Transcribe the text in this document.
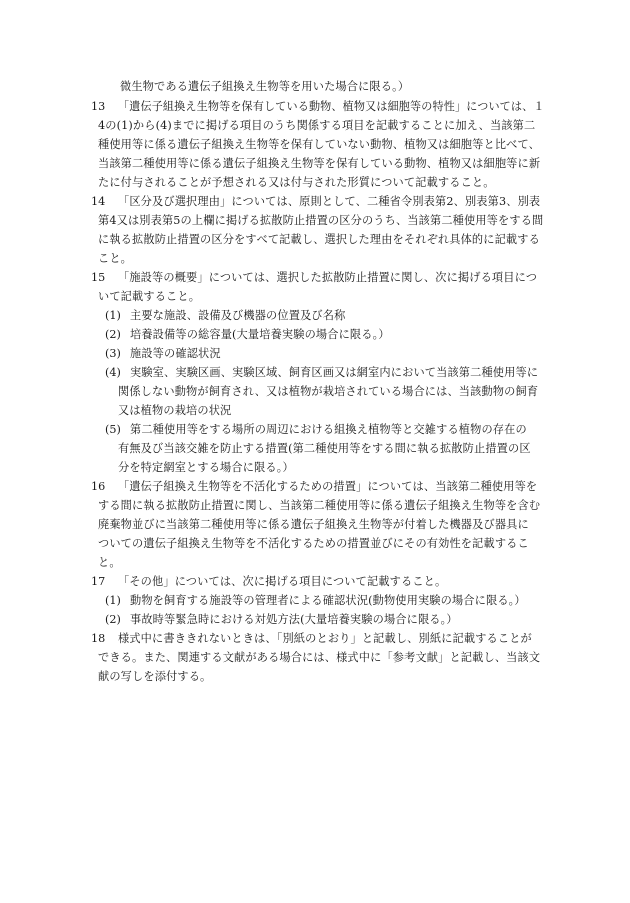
微生物である遺伝子組換え生物等を用いた場合に限る。）
13 「遺伝子組換え生物等を保有している動物、植物又は細胞等の特性」については、１
4の(1)から(4)までに掲げる項目のうち関係する項目を記載することに加え、当該第二
種使用等に係る遺伝子組換え生物等を保有していない動物、植物又は細胞等と比べて、
当該第二種使用等に係る遺伝子組換え生物等を保有している動物、植物又は細胞等に新
たに付与されることが予想される又は付与された形質について記載すること。
14 「区分及び選択理由」については、原則として、二種省令別表第2、別表第3、別表
第4又は別表第5の上欄に掲げる拡散防止措置の区分のうち、当該第二種使用等をする間
に執る拡散防止措置の区分をすべて記載し、選択した理由をそれぞれ具体的に記載する
こと。
15 「施設等の概要」については、選択した拡散防止措置に関し、次に掲げる項目につ
いて記載すること。
(1) 主要な施設、設備及び機器の位置及び名称
(2) 培養設備等の総容量(大量培養実験の場合に限る。）
(3) 施設等の確認状況
(4) 実験室、実験区画、実験区域、飼育区画又は網室内において当該第二種使用等に
関係しない動物が飼育され、又は植物が栽培されている場合には、当該動物の飼育
又は植物の栽培の状況
(5) 第二種使用等をする場所の周辺における組換え植物等と交雑する植物の存在の
有無及び当該交雑を防止する措置(第二種使用等をする間に執る拡散防止措置の区
分を特定網室とする場合に限る。）
16 「遺伝子組換え生物等を不活化するための措置」については、当該第二種使用等を
する間に執る拡散防止措置に関し、当該第二種使用等に係る遺伝子組換え生物等を含む
廃棄物並びに当該第二種使用等に係る遺伝子組換え生物等が付着した機器及び器具に
ついての遺伝子組換え生物等を不活化するための措置並びにその有効性を記載するこ
と。
17 「その他」については、次に掲げる項目について記載すること。
(1) 動物を飼育する施設等の管理者による確認状況(動物使用実験の場合に限る。）
(2) 事故時等緊急時における対処方法(大量培養実験の場合に限る。）
18 様式中に書ききれないときは、「別紙のとおり」と記載し、別紙に記載することが
できる。また、関連する文献がある場合には、様式中に「参考文献」と記載し、当該文
献の写しを添付する。
